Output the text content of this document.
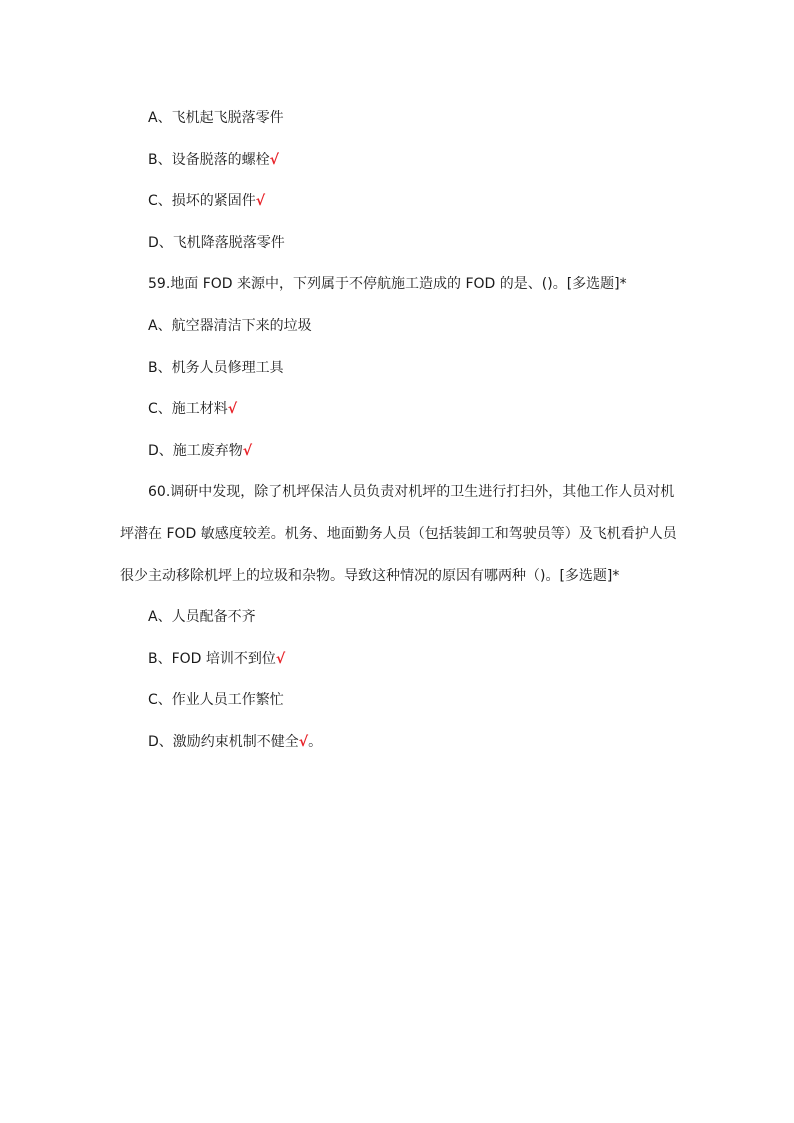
A、飞机起飞脱落零件
B、设备脱落的螺栓√
C、损坏的紧固件√
D、飞机降落脱落零件
59.地面 FOD 来源中，下列属于不停航施工造成的 FOD 的是、()。[多选题]*
A、航空器清洁下来的垃圾
B、机务人员修理工具
C、施工材料√
D、施工废弃物√
60.调研中发现，除了机坪保洁人员负责对机坪的卫生进行打扫外，其他工作人员对机
坪潜在 FOD 敏感度较差。机务、地面勤务人员（包括装卸工和驾驶员等）及飞机看护人员
很少主动移除机坪上的垃圾和杂物。导致这种情况的原因有哪两种（)。[多选题]*
A、人员配备不齐
B、FOD 培训不到位√
C、作业人员工作繁忙
D、激励约束机制不健全√。
